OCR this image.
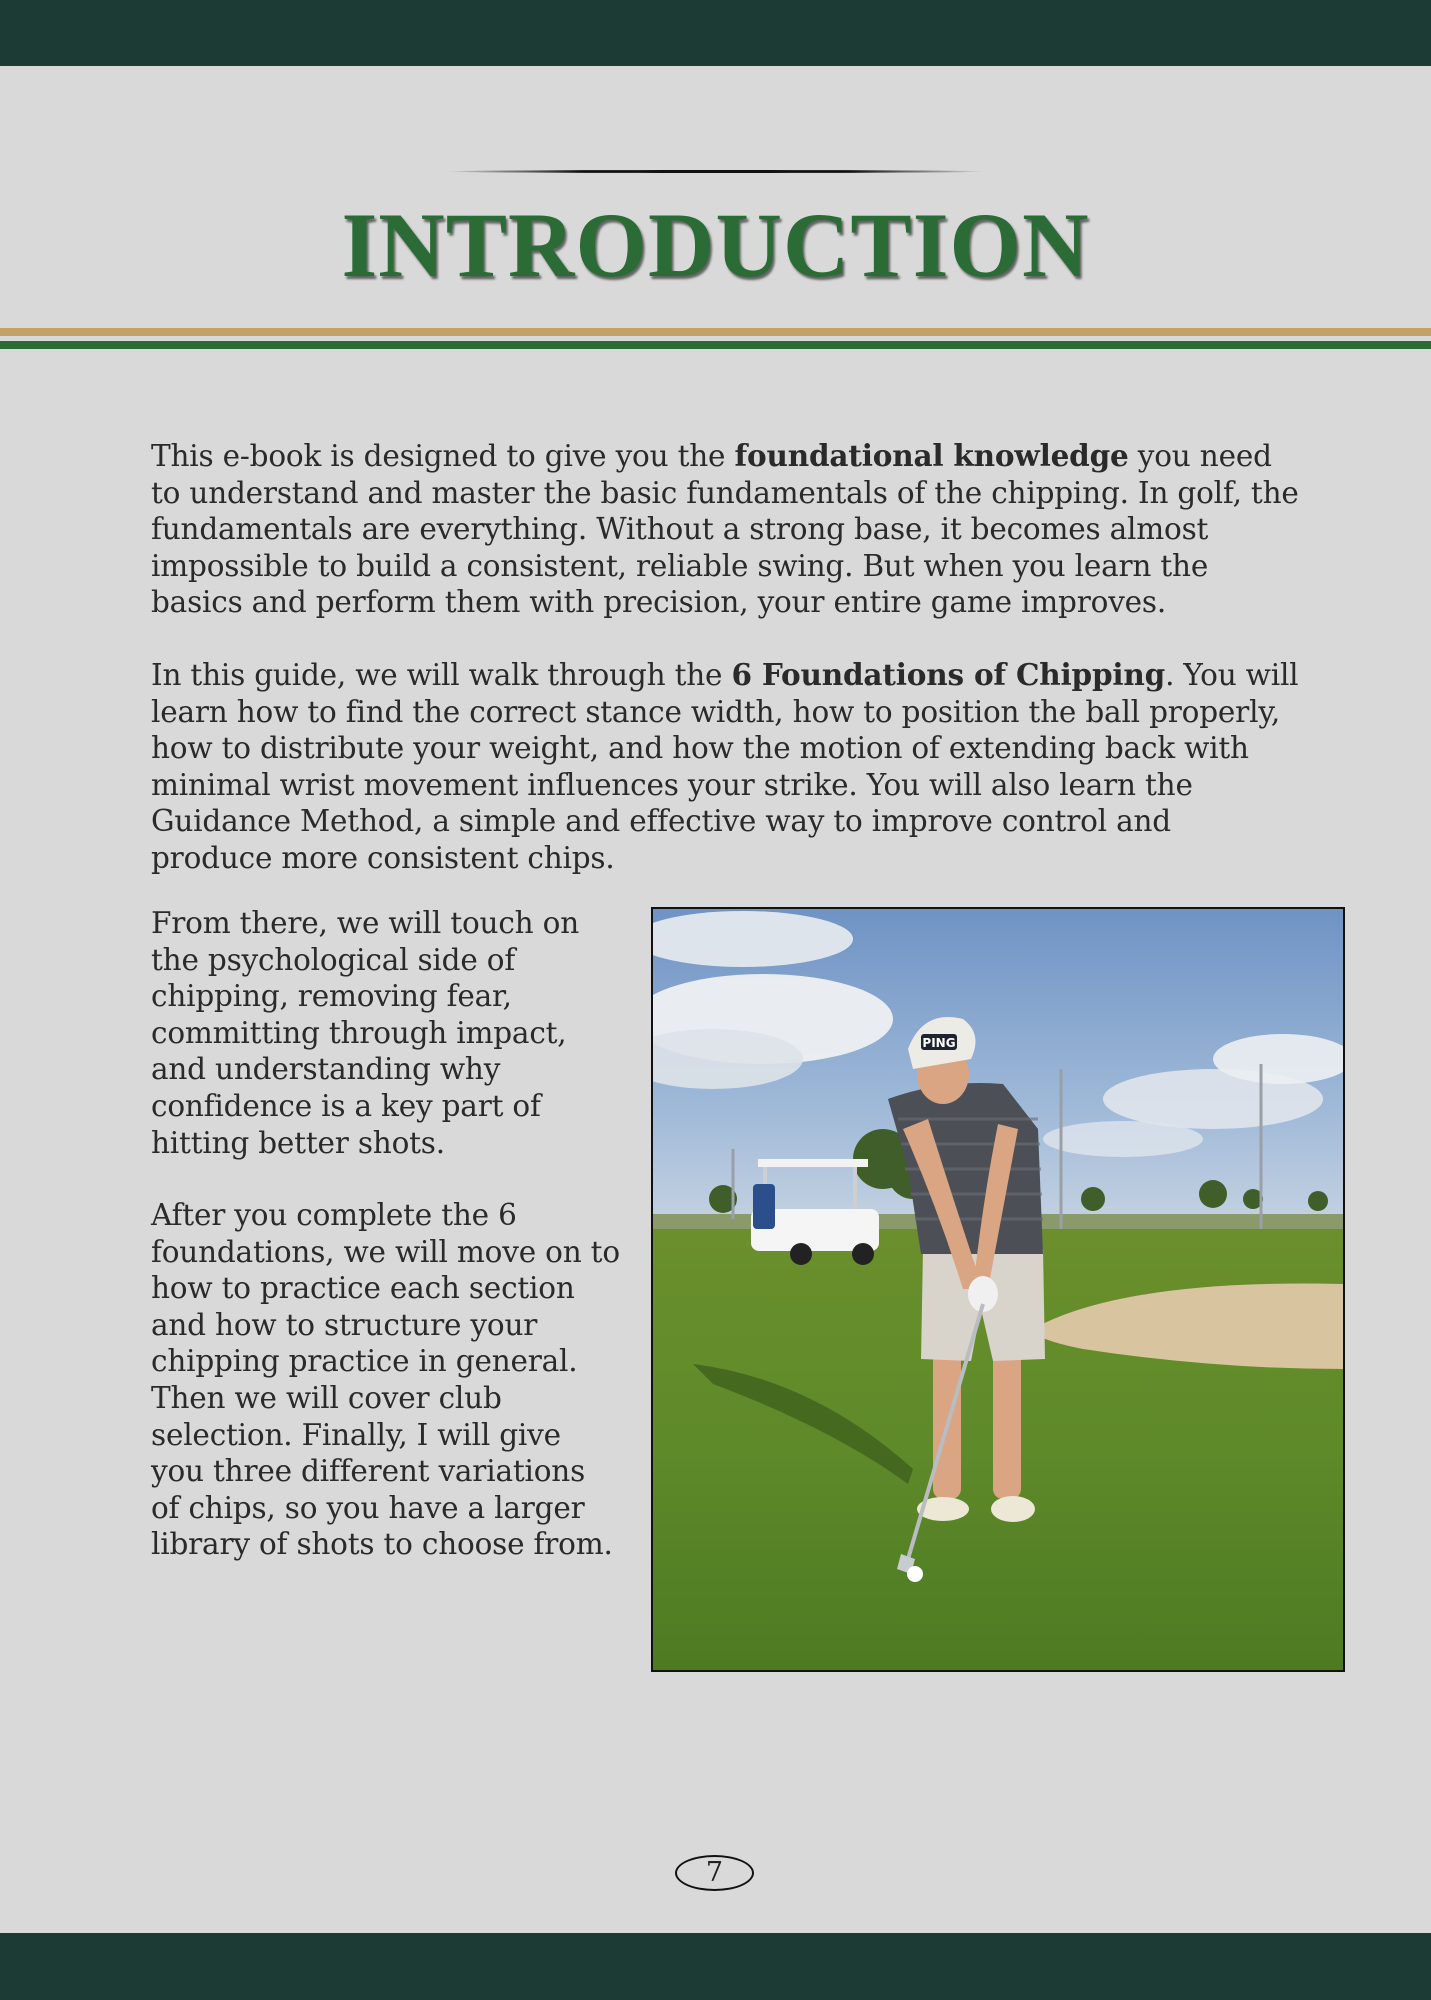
INTRODUCTION

This e-book is designed to give you the foundational knowledge you need to understand and master the basic fundamentals of the chipping. In golf, the fundamentals are everything. Without a strong base, it becomes almost impossible to build a consistent, reliable swing. But when you learn the basics and perform them with precision, your entire game improves.

In this guide, we will walk through the 6 Foundations of Chipping. You will learn how to find the correct stance width, how to position the ball properly, how to distribute your weight, and how the motion of extending back with minimal wrist movement influences your strike. You will also learn the Guidance Method, a simple and effective way to improve control and produce more consistent chips.

From there, we will touch on the psychological side of chipping, removing fear, committing through impact, and understanding why confidence is a key part of hitting better shots.

After you complete the 6 foundations, we will move on to how to practice each section and how to structure your chipping practice in general. Then we will cover club selection. Finally, I will give you three different variations of chips, so you have a larger library of shots to choose from.

PING
7
